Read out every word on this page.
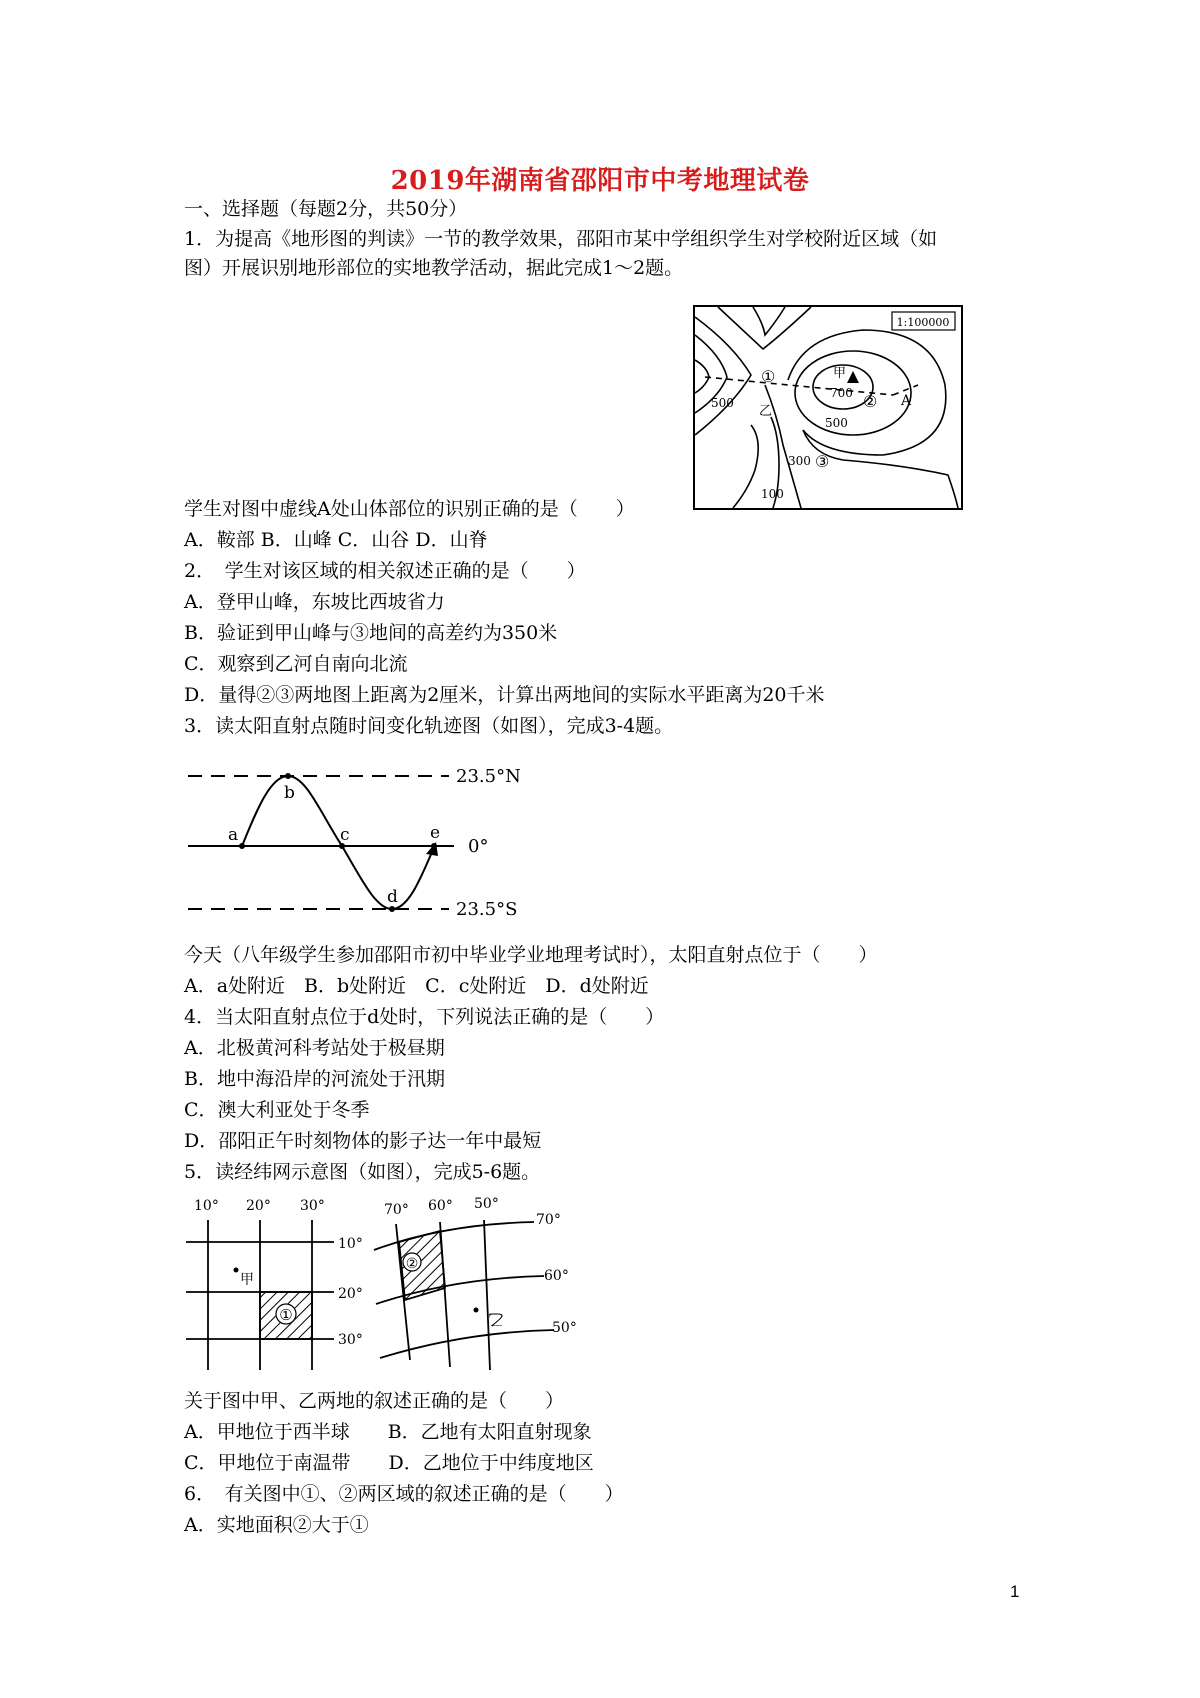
2019年湖南省邵阳市中考地理试卷
一、选择题（每题2分，共50分）
1．为提高《地形图的判读》一节的教学效果，邵阳市某中学组织学生对学校附近区域（如
图）开展识别地形部位的实地教学活动，据此完成1～2题。
1:100000
①	甲
700 ② A
500
500
乙
300 ③
100
学生对图中虚线A处山体部位的识别正确的是（　　）
A．鞍部 B．山峰 C．山谷 D．山脊
2．　学生对该区域的相关叙述正确的是（　　）
A．登甲山峰，东坡比西坡省力
B．验证到甲山峰与③地间的高差约为350米
C．观察到乙河自南向北流
D．量得②③两地图上距离为2厘米，计算出两地间的实际水平距离为20千米
3．读太阳直射点随时间变化轨迹图（如图），完成3-4题。
a
b
c
d
e
23.5°N
0°
23.5°S
今天（八年级学生参加邵阳市初中毕业学业地理考试时），太阳直射点位于（　　）
A．a处附近　B．b处附近　C．c处附近　D．d处附近
4．当太阳直射点位于d处时，下列说法正确的是（　　）
A．北极黄河科考站处于极昼期
B．地中海沿岸的河流处于汛期
C．澳大利亚处于冬季
D．邵阳正午时刻物体的影子达一年中最短
5．读经纬网示意图（如图），完成5-6题。
①
甲
10° 20° 30°
10°
20°
30°
②
乙
70° 60° 50°
70°
60°
50°
关于图中甲、乙两地的叙述正确的是（　　）
A．甲地位于西半球　　B．乙地有太阳直射现象
C．甲地位于南温带　　D．乙地位于中纬度地区
6．　有关图中①、②两区域的叙述正确的是（　　）
A．实地面积②大于①
1
